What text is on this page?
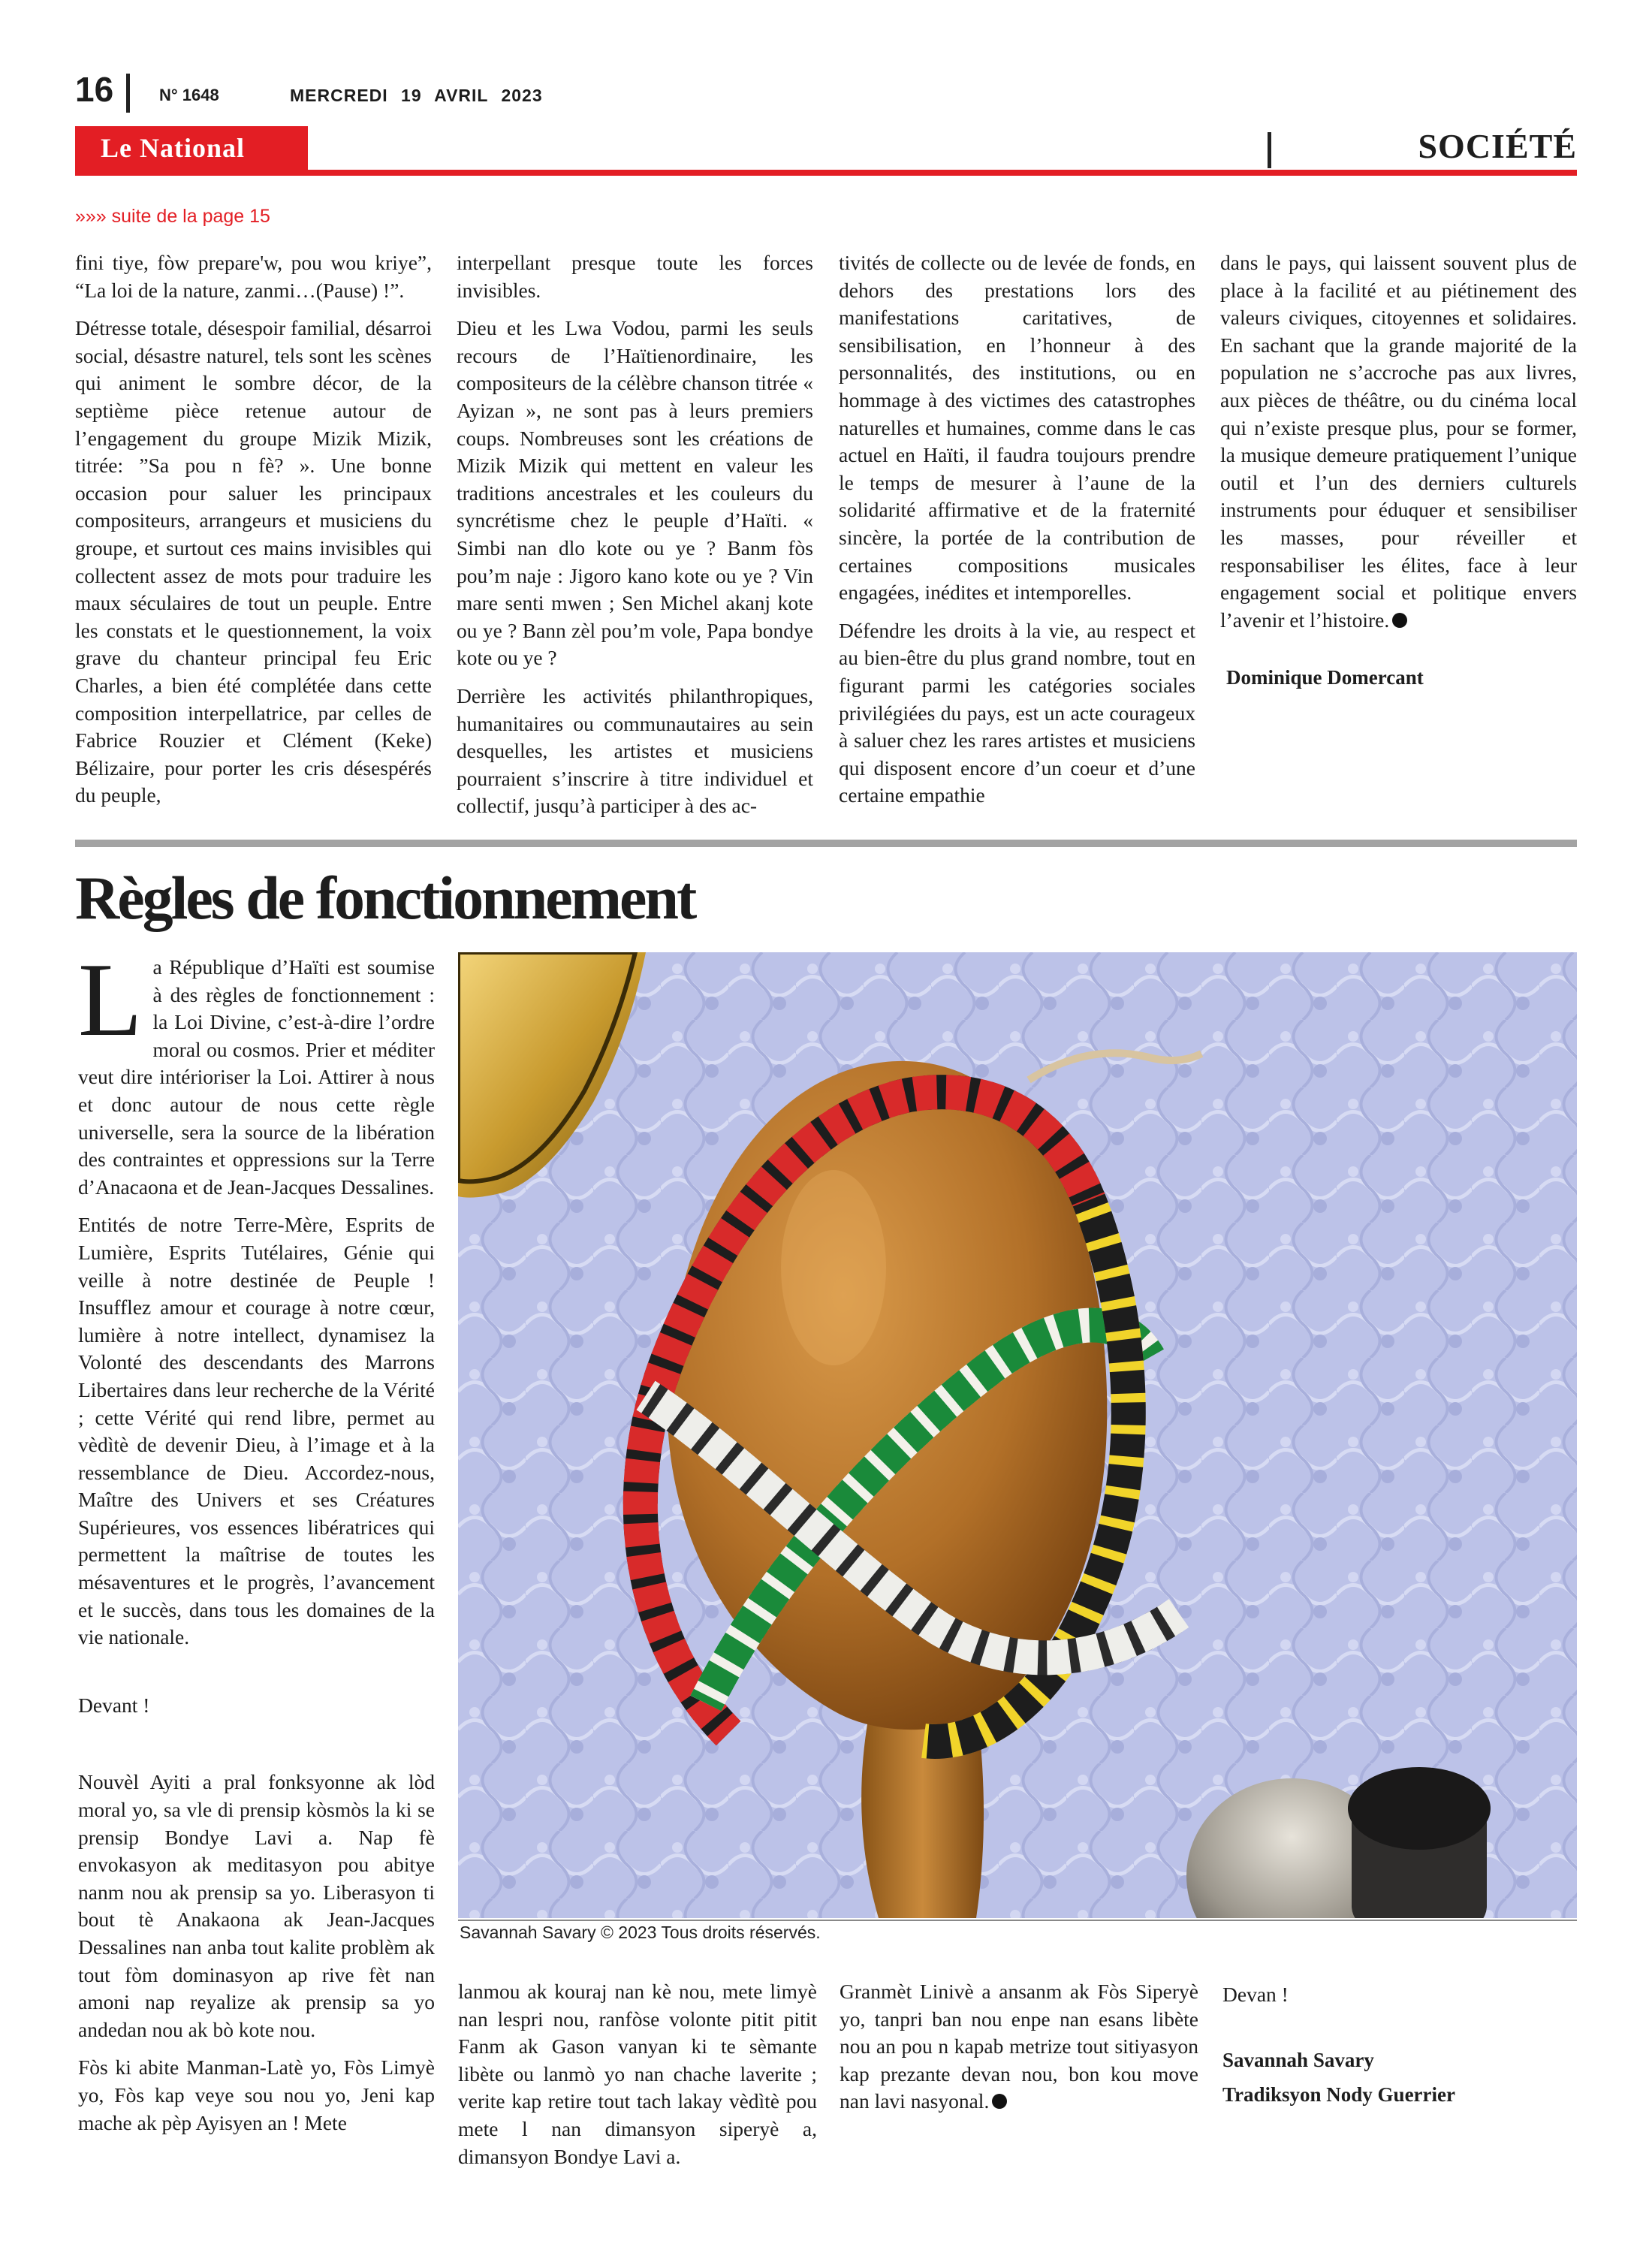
16	N° 1648	MERCREDI 19 AVRIL 2023
Le National	SOCIÉTÉ
»»» suite de la page 15

fini tiye, fòw prepare'w, pou wou kriye”, “La loi de la nature, zanmi…(Pause) !”.

Détresse totale, désespoir familial, désarroi social, désastre naturel, tels sont les scènes qui animent le sombre décor, de la septième pièce retenue autour de l’engagement du groupe Mizik Mizik, titrée: ”Sa pou n fè? ». Une bonne occasion pour saluer les principaux compositeurs, arrangeurs et musiciens du groupe, et surtout ces mains invisibles qui collectent assez de mots pour traduire les maux séculaires de tout un peuple. Entre les constats et le questionnement, la voix grave du chanteur principal feu Eric Charles, a bien été complétée dans cette composition interpellatrice, par celles de Fabrice Rouzier et Clément (Keke) Bélizaire, pour porter les cris désespérés du peuple,

interpellant presque toute les forces invisibles.

Dieu et les Lwa Vodou, parmi les seuls recours de l’Haïtienordinaire, les compositeurs de la célèbre chanson titrée « Ayizan », ne sont pas à leurs premiers coups. Nombreuses sont les créations de Mizik Mizik qui mettent en valeur les traditions ancestrales et les couleurs du syncrétisme chez le peuple d’Haïti. « Simbi nan dlo kote ou ye ? Banm fòs pou’m naje : Jigoro kano kote ou ye ? Vin mare senti mwen ; Sen Michel akanj kote ou ye ? Bann zèl pou’m vole, Papa bondye kote ou ye ?

Derrière les activités philanthropiques, humanitaires ou communautaires au sein desquelles, les artistes et musiciens pourraient s’inscrire à titre individuel et collectif, jusqu’à participer à des ac-

tivités de collecte ou de levée de fonds, en dehors des prestations lors des manifestations caritatives, de sensibilisation, en l’honneur à des personnalités, des institutions, ou en hommage à des victimes des catastrophes naturelles et humaines, comme dans le cas actuel en Haïti, il faudra toujours prendre le temps de mesurer à l’aune de la solidarité affirmative et de la fraternité sincère, la portée de la contribution de certaines compositions musicales engagées, inédites et intemporelles.

Défendre les droits à la vie, au respect et au bien-être du plus grand nombre, tout en figurant parmi les catégories sociales privilégiées du pays, est un acte courageux à saluer chez les rares artistes et musiciens qui disposent encore d’un coeur et d’une certaine empathie

dans le pays, qui laissent souvent plus de place à la facilité et au piétinement des valeurs civiques, citoyennes et solidaires. En sachant que la grande majorité de la population ne s’accroche pas aux livres, aux pièces de théâtre, ou du cinéma local qui n’existe presque plus, pour se former, la musique demeure pratiquement l’unique outil et l’un des derniers culturels instruments pour éduquer et sensibiliser les masses, pour réveiller et responsabiliser les élites, face à leur engagement social et politique envers l’avenir et l’histoire.

Dominique Domercant

Règles de fonctionnement

La République d’Haïti est soumise à des règles de fonctionnement : la Loi Divine, c’est-à-dire l’ordre moral ou cosmos. Prier et méditer veut dire intérioriser la Loi. Attirer à nous et donc autour de nous cette règle universelle, sera la source de la libération des contraintes et oppressions sur la Terre d’Anacaona et de Jean-Jacques Dessalines.

Entités de notre Terre-Mère, Esprits de Lumière, Esprits Tutélaires, Génie qui veille à notre destinée de Peuple ! Insufflez amour et courage à notre cœur, lumière à notre intellect, dynamisez la Volonté des descendants des Marrons Libertaires dans leur recherche de la Vérité ; cette Vérité qui rend libre, permet au vèdìtè de devenir Dieu, à l’image et à la ressemblance de Dieu. Accordez-nous, Maître des Univers et ses Créatures Supérieures, vos essences libératrices qui permettent la maîtrise de toutes les mésaventures et le progrès, l’avancement et le succès, dans tous les domaines de la vie nationale.

Devant !

Nouvèl Ayiti a pral fonksyonne ak lòd moral yo, sa vle di prensip kòsmòs la ki se prensip Bondye Lavi a. Nap fè envokasyon ak meditasyon pou abitye nanm nou ak prensip sa yo. Liberasyon ti bout tè Anakaona ak Jean-Jacques Dessalines nan anba tout kalite problèm ak tout fòm dominasyon ap rive fèt nan amoni nap reyalize ak prensip sa yo andedan nou ak bò kote nou.

Fòs ki abite Manman-Latè yo, Fòs Limyè yo, Fòs kap veye sou nou yo, Jeni kap mache ak pèp Ayisyen an ! Mete

Savannah Savary © 2023 Tous droits réservés.

lanmou ak kouraj nan kè nou, mete limyè nan lespri nou, ranfòse volonte pitit pitit Fanm ak Gason vanyan ki te sèmante libète ou lanmò yo nan chache laverite ; verite kap retire tout tach lakay vèdìtè pou mete l nan dimansyon siperyè a, dimansyon Bondye Lavi a.

Granmèt Linivè a ansanm ak Fòs Siperyè yo, tanpri ban nou enpe nan esans libète nou an pou n kapab metrize tout sitiyasyon kap prezante devan nou, bon kou move nan lavi nasyonal.

Devan !

Savannah Savary

Tradiksyon Nody Guerrier
